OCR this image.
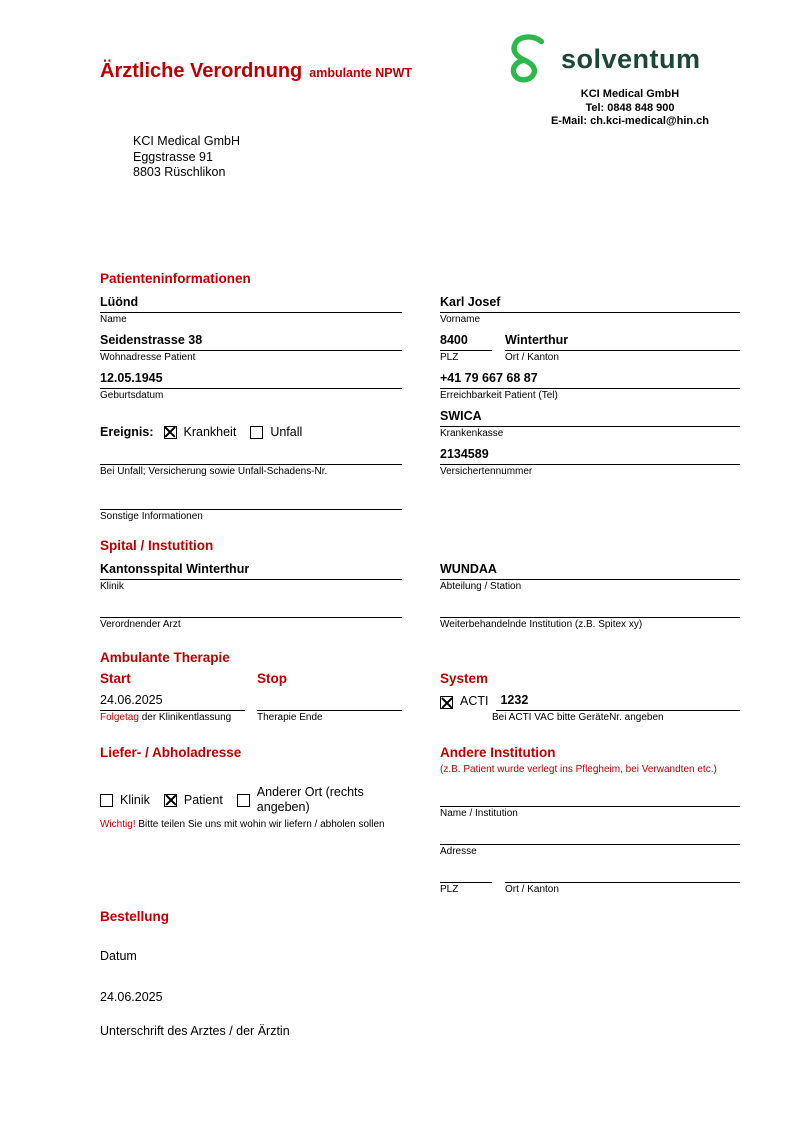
Ärztliche Verordnung ambulante NPWT	solventum
KCI Medical GmbH
Tel: 0848 848 900
E-Mail: ch.kci-medical@hin.ch
KCI Medical GmbH
Eggstrasse 91
8803 Rüschlikon
Patienteninformationen
Lüönd
Name
Karl Josef
Vorname
Seidenstrasse 38
Wohnadresse Patient
8400
PLZ
Winterthur
Ort / Kanton
12.05.1945
Geburtsdatum
+41 79 667 68 87
Erreichbarkeit Patient (Tel)
Ereignis: Krankheit	Unfall
SWICA
Krankenkasse
Bei Unfall; Versicherung sowie Unfall-Schadens-Nr.
2134589
Versichertennummer
Sonstige Informationen
Spital / Instutition
Kantonsspital Winterthur
Klinik
WUNDAA
Abteilung / Station
Verordnender Arzt	Weiterbehandelnde Institution (z.B. Spitex xy)
Ambulante Therapie
Start
24.06.2025
Folgetag der Klinikentlassung
Stop
Therapie Ende
System
ACTI 1232
Bei ACTI VAC bitte GeräteNr. angeben
Liefer- / Abholadresse
Klinik	Patient
Anderer Ort (rechts angeben)
Wichtig! Bitte teilen Sie uns mit wohin wir liefern / abholen sollen
Andere Institution
(z.B. Patient wurde verlegt ins Pflegheim, bei Verwandten etc.)
Name / Institution
Adresse
PLZ	Ort / Kanton
Bestellung
Datum
24.06.2025
Unterschrift des Arztes / der Ärztin
